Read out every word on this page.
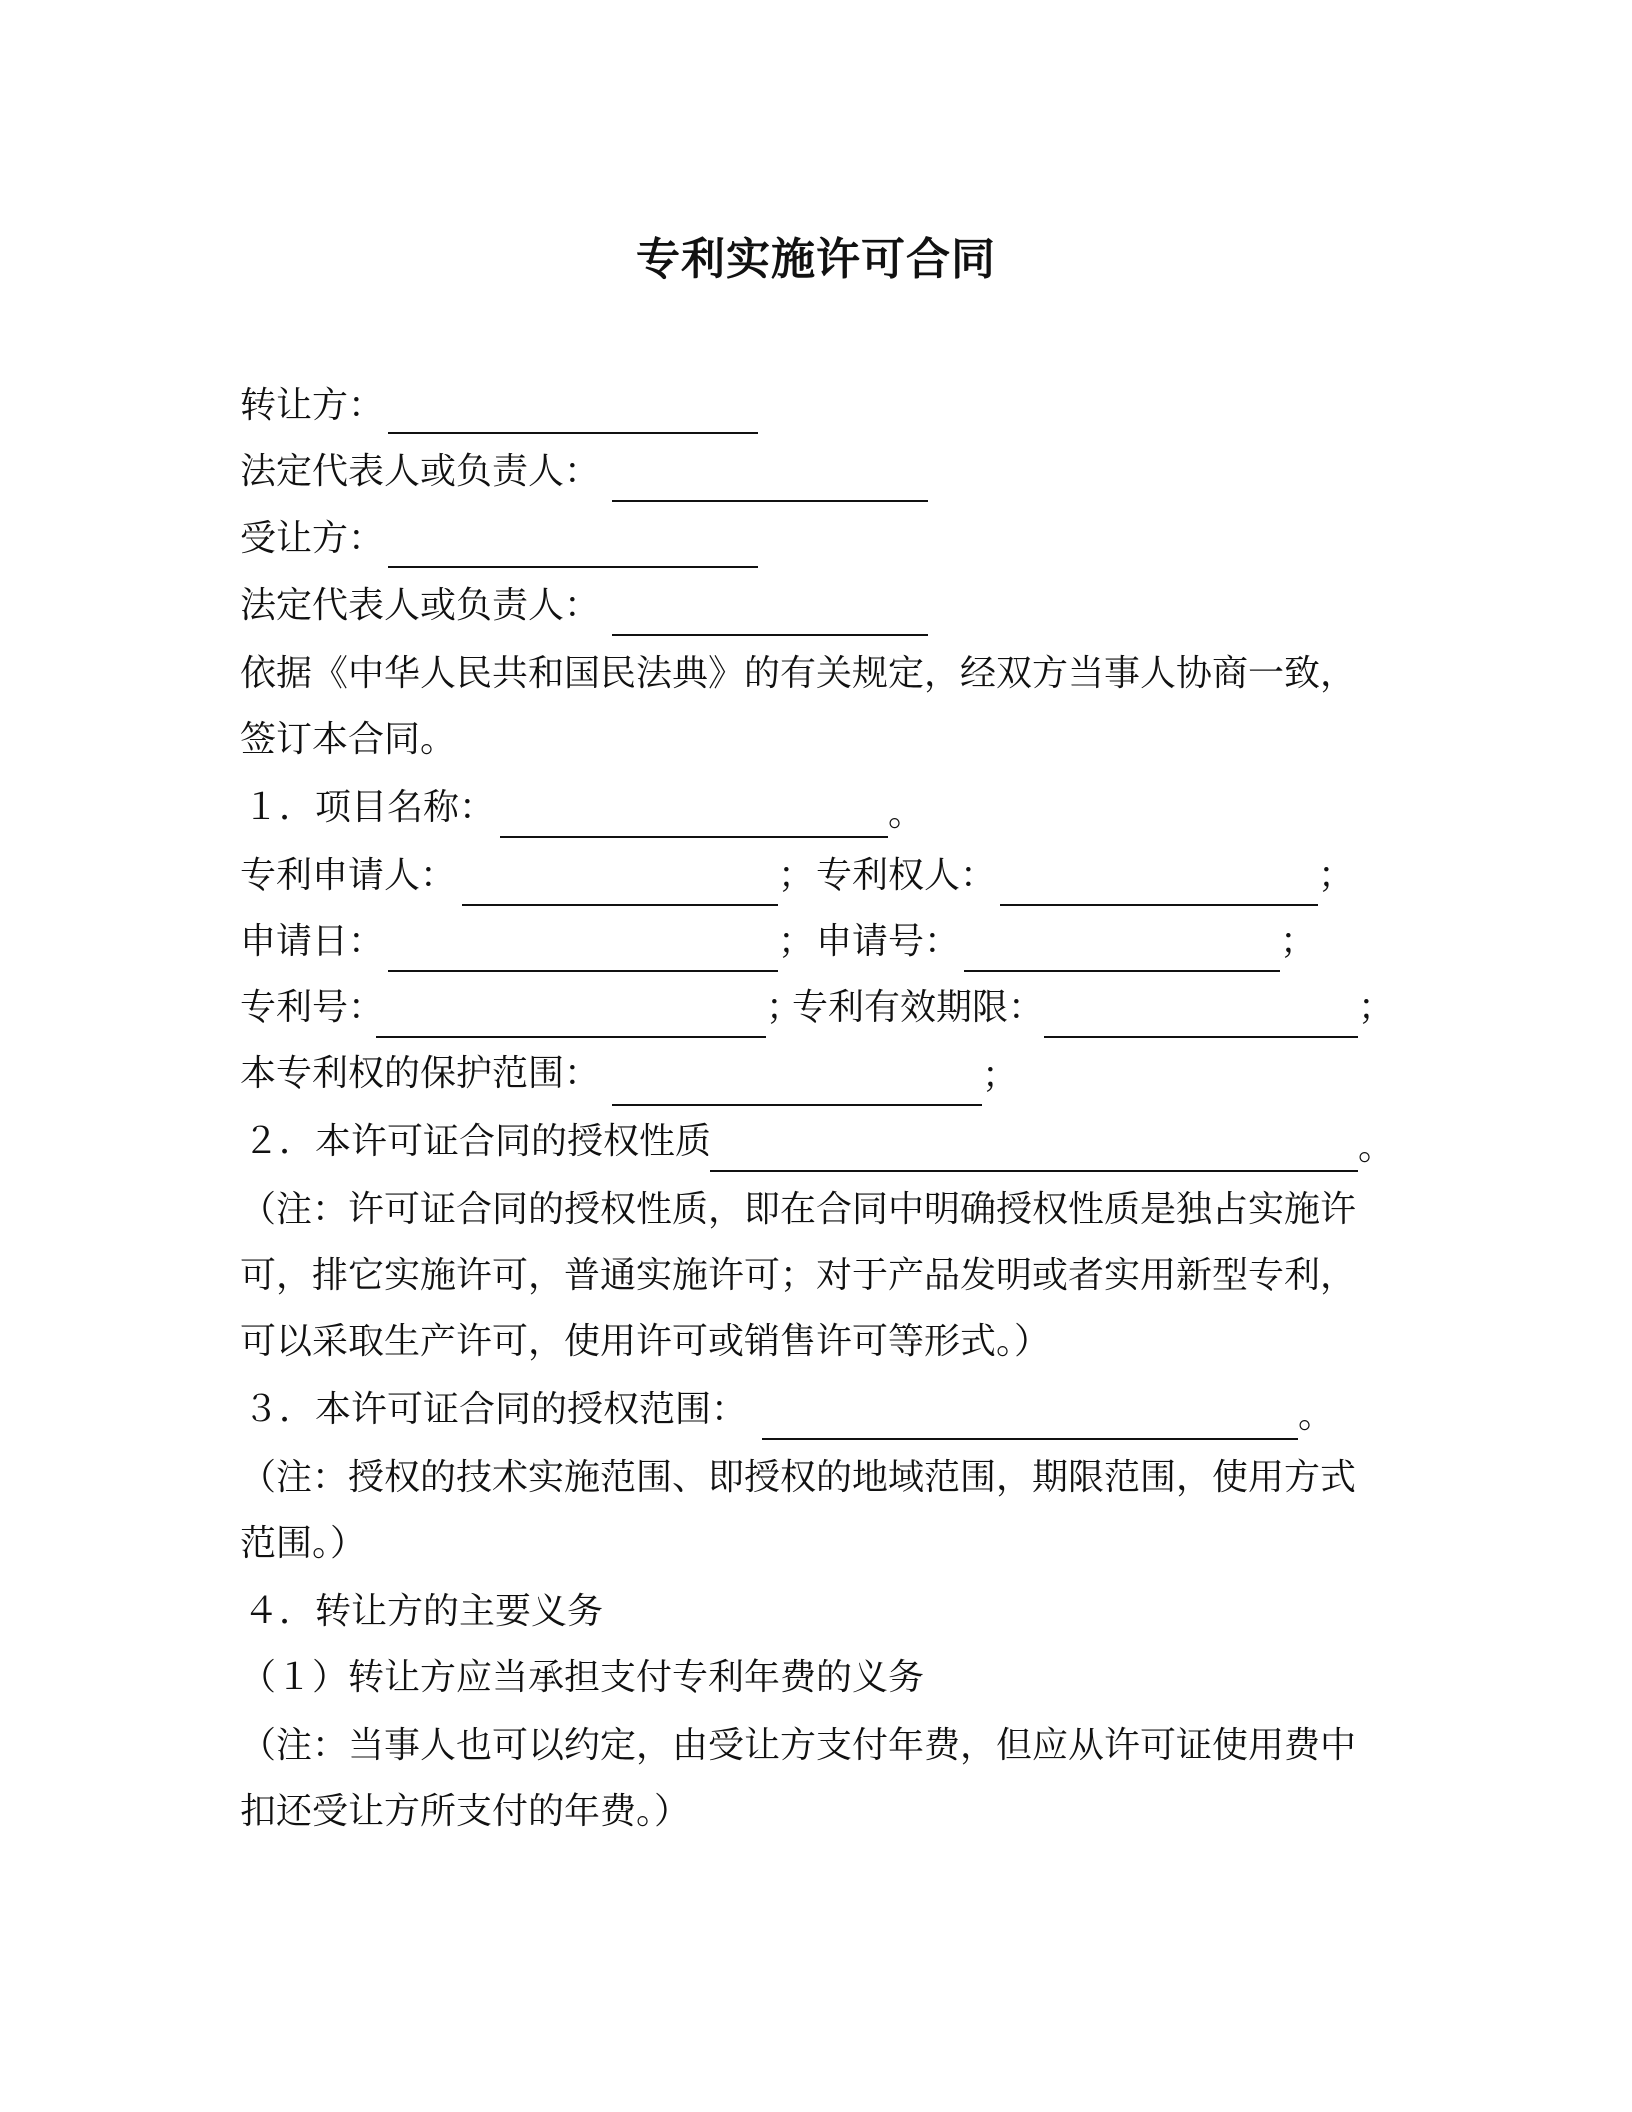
专利实施许可合同
转让方：
法定代表人或负责人：
受让方：
法定代表人或负责人：
依据《中华人民共和国民法典》的有关规定，经双方当事人协商一致，
签订本合同。
１．项目名称：	。
专利申请人：	； 专利权人：	；
申请日：	； 申请号：	；
专利号：	；
专利有效期限：	；
本专利权的保护范围：	；
２．本许可证合同的授权性质	。
（注：许可证合同的授权性质，即在合同中明确授权性质是独占实施许
可，排它实施许可，普通实施许可；对于产品发明或者实用新型专利，
可以采取生产许可，使用许可或销售许可等形式。）
３．本许可证合同的授权范围：	。
（注：授权的技术实施范围、即授权的地域范围，期限范围，使用方式
范围。）
４．转让方的主要义务
（１）转让方应当承担支付专利年费的义务
（注：当事人也可以约定，由受让方支付年费，但应从许可证使用费中
扣还受让方所支付的年费。）
